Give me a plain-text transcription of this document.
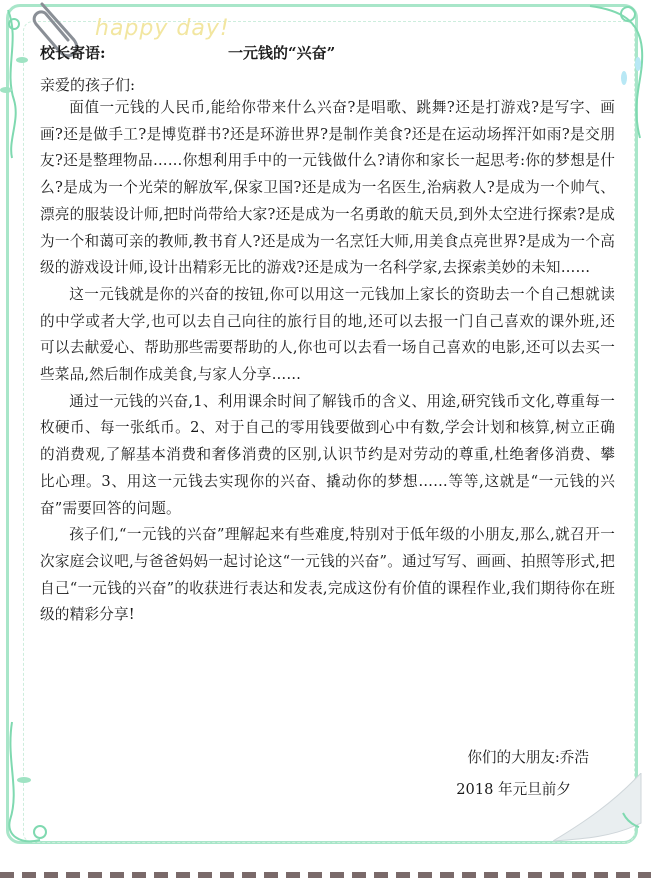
happy day!
校长寄语:	一元钱的“兴奋”
亲爱的孩子们:

面值一元钱的人民币,能给你带来什么兴奋?是唱歌、跳舞?还是打游戏?是写字、画画?还是做手工?是博览群书?还是环游世界?是制作美食?还是在运动场挥汗如雨?是交朋友?还是整理物品……你想利用手中的一元钱做什么?请你和家长一起思考:你的梦想是什么?是成为一个光荣的解放军,保家卫国?还是成为一名医生,治病救人?是成为一个帅气、漂亮的服装设计师,把时尚带给大家?还是成为一名勇敢的航天员,到外太空进行探索?是成为一个和蔼可亲的教师,教书育人?还是成为一名烹饪大师,用美食点亮世界?是成为一个高级的游戏设计师,设计出精彩无比的游戏?还是成为一名科学家,去探索美妙的未知……

这一元钱就是你的兴奋的按钮,你可以用这一元钱加上家长的资助去一个自己想就读的中学或者大学,也可以去自己向往的旅行目的地,还可以去报一门自己喜欢的课外班,还可以去献爱心、帮助那些需要帮助的人,你也可以去看一场自己喜欢的电影,还可以去买一些菜品,然后制作成美食,与家人分享……

通过一元钱的兴奋,1、利用课余时间了解钱币的含义、用途,研究钱币文化,尊重每一枚硬币、每一张纸币。2、对于自己的零用钱要做到心中有数,学会计划和核算,树立正确的消费观,了解基本消费和奢侈消费的区别,认识节约是对劳动的尊重,杜绝奢侈消费、攀比心理。3、用这一元钱去实现你的兴奋、撬动你的梦想……等等,这就是“一元钱的兴奋”需要回答的问题。

孩子们,“一元钱的兴奋”理解起来有些难度,特别对于低年级的小朋友,那么,就召开一次家庭会议吧,与爸爸妈妈一起讨论这“一元钱的兴奋”。通过写写、画画、拍照等形式,把自己“一元钱的兴奋”的收获进行表达和发表,完成这份有价值的课程作业,我们期待你在班级的精彩分享!

你们的大朋友:乔浩
2018 年元旦前夕
